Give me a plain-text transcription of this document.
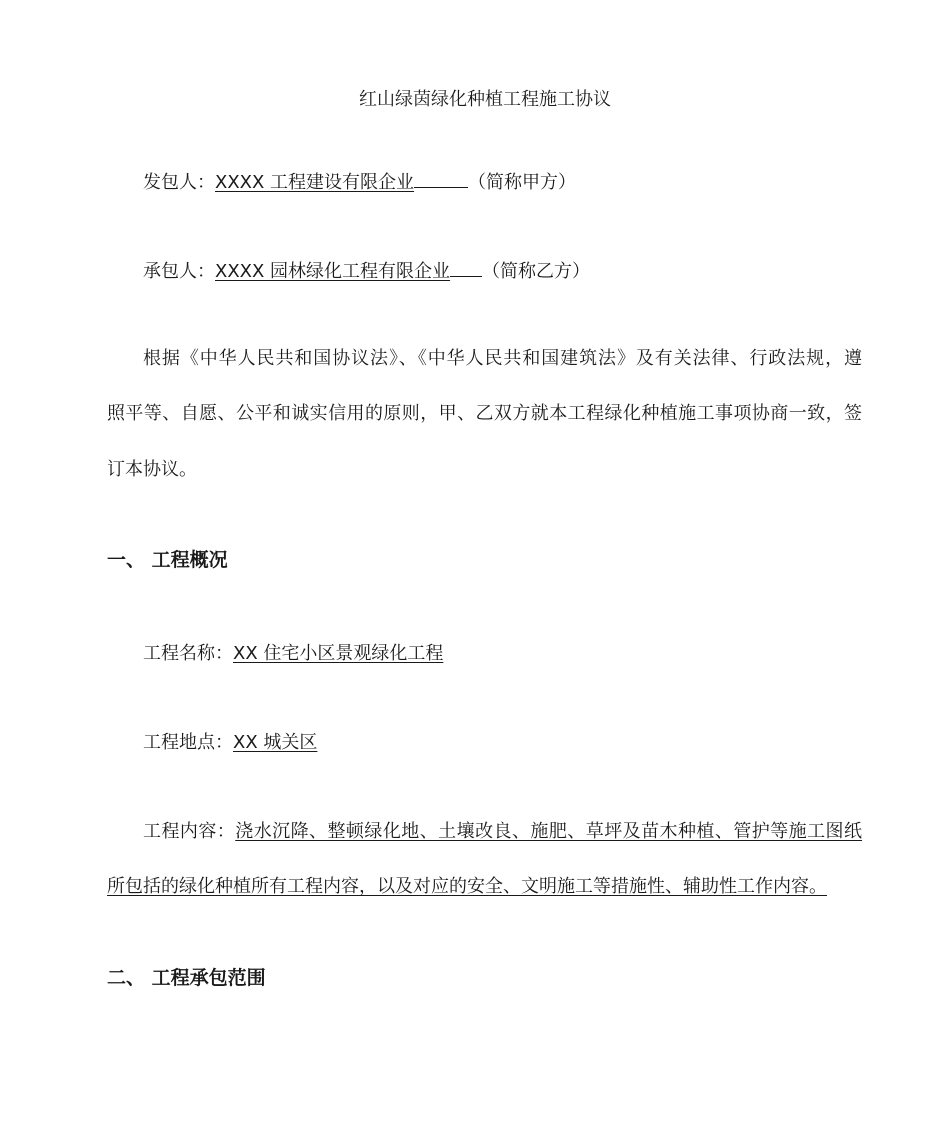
红山绿茵绿化种植工程施工协议
发包人：XXXX 工程建设有限企业	（简称甲方）
承包人：XXXX 园林绿化工程有限企业 （简称乙方）
根据《中华人民共和国协议法》、《中华人民共和国建筑法》及有关法律、行政法规，遵
照平等、自愿、公平和诚实信用的原则，甲、乙双方就本工程绿化种植施工事项协商一致，签
订本协议。
一、 工程概况
工程名称：XX 住宅小区景观绿化工程
工程地点：XX 城关区
工程内容：浇水沉降、整顿绿化地、土壤改良、施肥、草坪及苗木种植、管护等施工图纸
所包括的绿化种植所有工程内容，以及对应的安全、文明施工等措施性、辅助性工作内容。
二、 工程承包范围
